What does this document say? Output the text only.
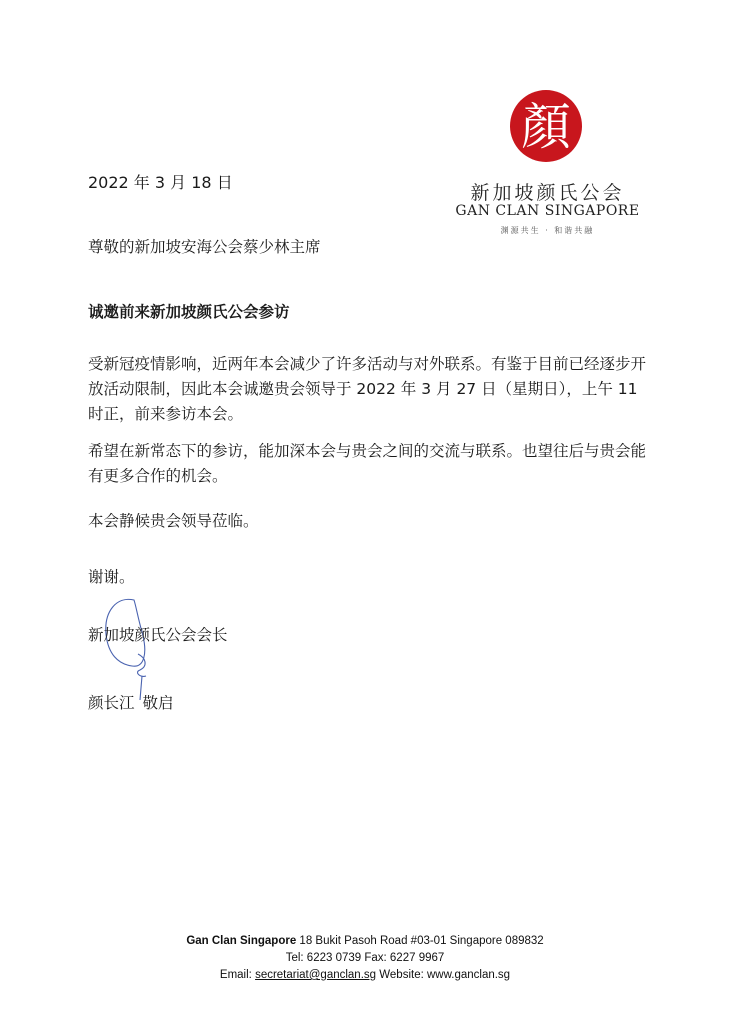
顏
新加坡颜氏公会
GAN CLAN SINGAPORE
渊源共生 · 和谐共融
2022 年 3 月 18 日
尊敬的新加坡安海公会蔡少林主席
诚邀前来新加坡颜氏公会参访
受新冠疫情影响，近两年本会减少了许多活动与对外联系。有鉴于目前已经逐步开放活动限制，因此本会诚邀贵会领导于 2022 年 3 月 27 日（星期日），上午 11 时正，前来参访本会。
希望在新常态下的参访，能加深本会与贵会之间的交流与联系。也望往后与贵会能有更多合作的机会。
本会静候贵会领导莅临。
谢谢。
新加坡颜氏公会会长
颜长江 敬启
Gan Clan Singapore 18 Bukit Pasoh Road #03-01 Singapore 089832
Tel: 6223 0739 Fax: 6227 9967
Email: secretariat@ganclan.sg Website: www.ganclan.sg
